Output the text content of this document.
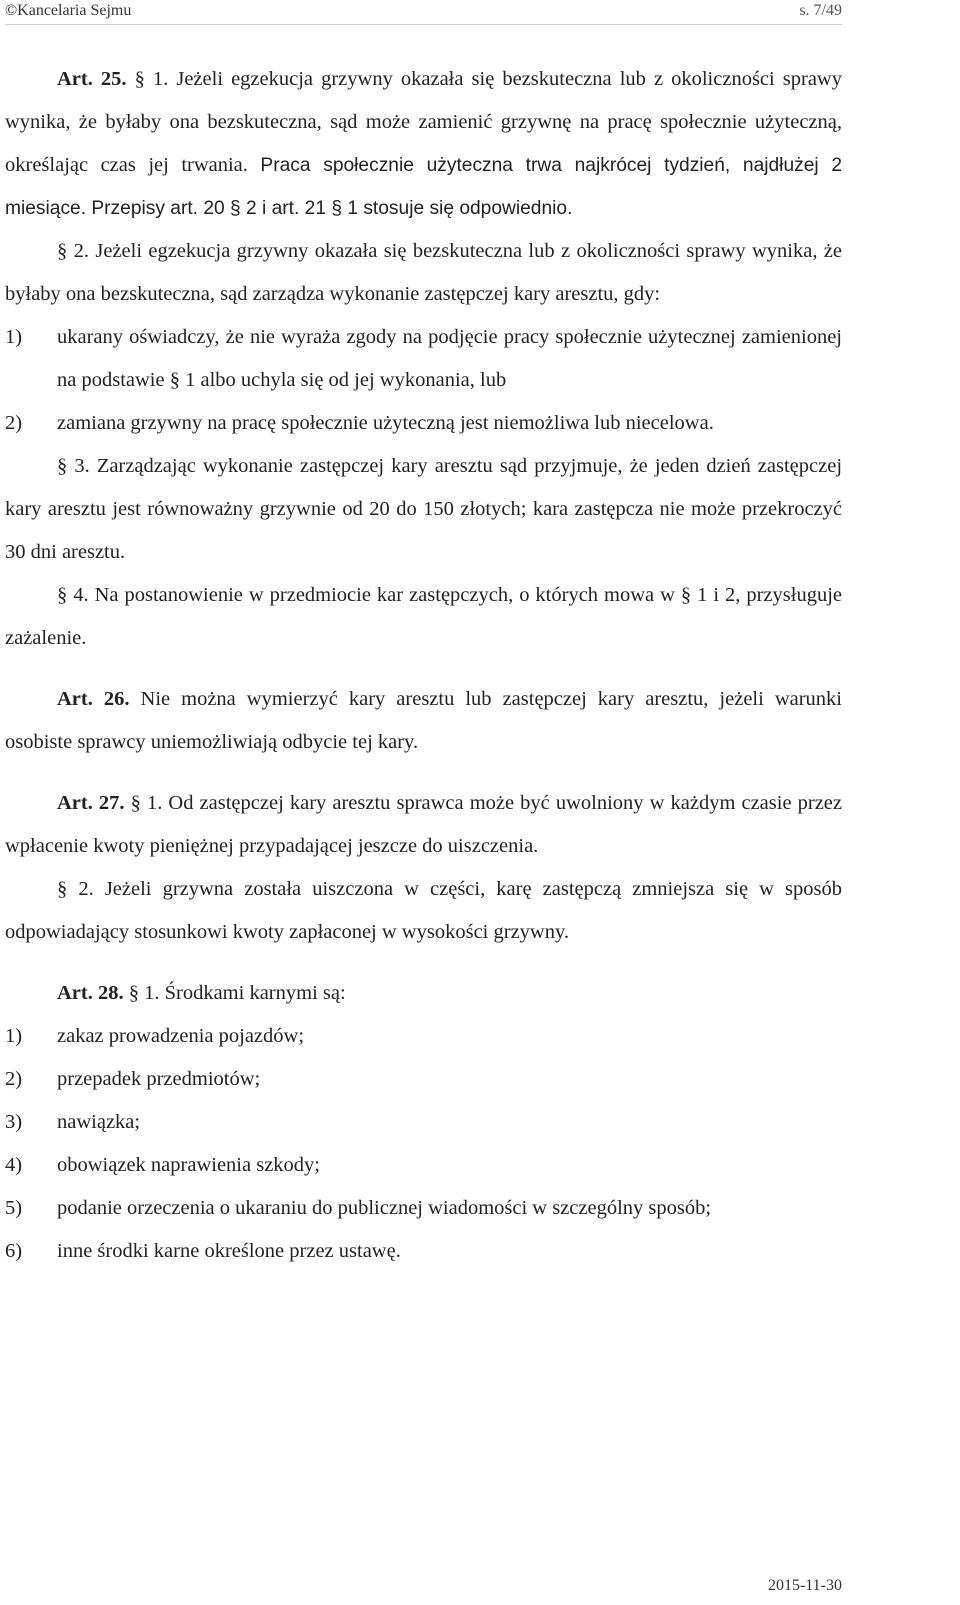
©Kancelaria Sejmu	s. 7/49

Art. 25. § 1. Jeżeli egzekucja grzywny okazała się bezskuteczna lub z okoliczności sprawy wynika, że byłaby ona bezskuteczna, sąd może zamienić grzywnę na pracę społecznie użyteczną, określając czas jej trwania. Praca społecznie użyteczna trwa najkrócej tydzień, najdłużej 2 miesiące. Przepisy art. 20 § 2 i art. 21 § 1 stosuje się odpowiednio.

§ 2. Jeżeli egzekucja grzywny okazała się bezskuteczna lub z okoliczności sprawy wynika, że byłaby ona bezskuteczna, sąd zarządza wykonanie zastępczej kary aresztu, gdy:

1)	ukarany oświadczy, że nie wyraża zgody na podjęcie pracy społecznie użytecznej zamienionej na podstawie § 1 albo uchyla się od jej wykonania, lub
2)	zamiana grzywny na pracę społecznie użyteczną jest niemożliwa lub niecelowa.

§ 3. Zarządzając wykonanie zastępczej kary aresztu sąd przyjmuje, że jeden dzień zastępczej kary aresztu jest równoważny grzywnie od 20 do 150 złotych; kara zastępcza nie może przekroczyć 30 dni aresztu.

§ 4. Na postanowienie w przedmiocie kar zastępczych, o których mowa w § 1 i 2, przysługuje zażalenie.

Art. 26. Nie można wymierzyć kary aresztu lub zastępczej kary aresztu, jeżeli warunki osobiste sprawcy uniemożliwiają odbycie tej kary.

Art. 27. § 1. Od zastępczej kary aresztu sprawca może być uwolniony w każdym czasie przez wpłacenie kwoty pieniężnej przypadającej jeszcze do uiszczenia.

§ 2. Jeżeli grzywna została uiszczona w części, karę zastępczą zmniejsza się w sposób odpowiadający stosunkowi kwoty zapłaconej w wysokości grzywny.

Art. 28. § 1. Środkami karnymi są:

1)	zakaz prowadzenia pojazdów;
2)	przepadek przedmiotów;
3)	nawiązka;
4)	obowiązek naprawienia szkody;
5)	podanie orzeczenia o ukaraniu do publicznej wiadomości w szczególny sposób;
6)	inne środki karne określone przez ustawę.
2015-11-30
